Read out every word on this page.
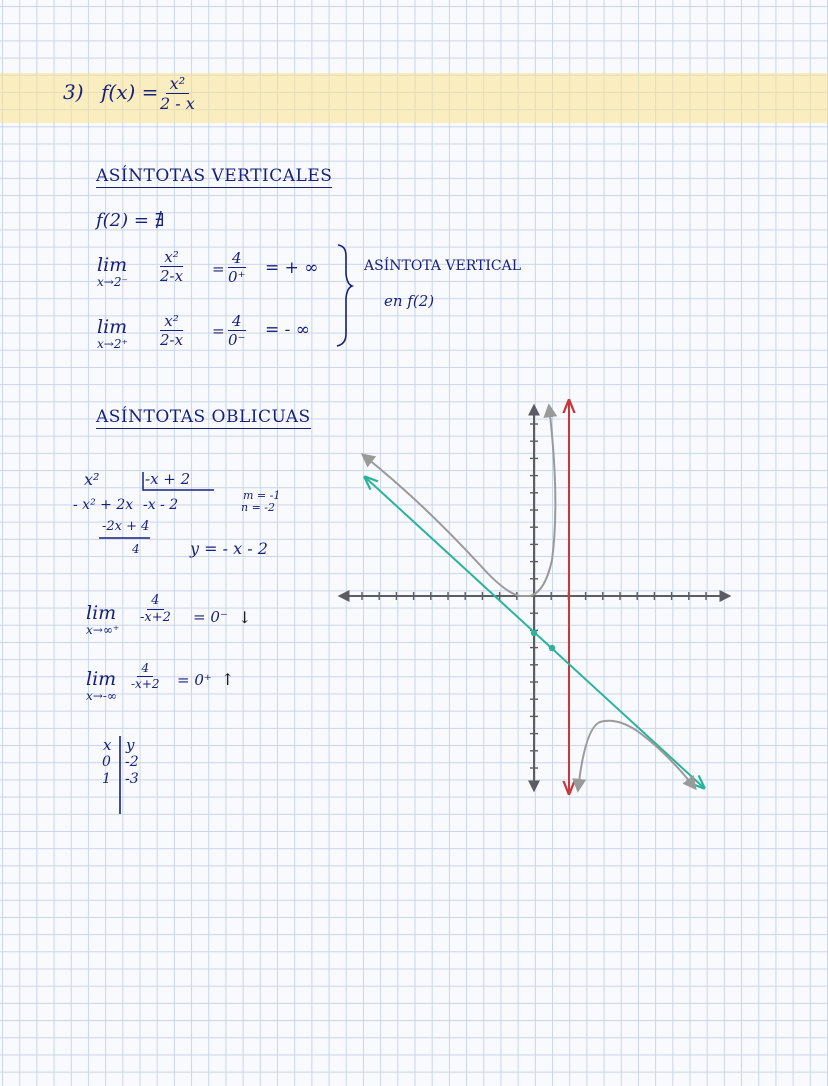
3) $f(x) = \frac{\text{x²}}{2 - x}$
ASÍNTOTAS VERTICALES
f(2) = ∄
lim
$x\to 2^- \frac{\text{x²}}{2-x} = \frac{4}{0^+}$ = + ∞
lim
$x\to 2^+ \frac{\text{x²}}{2-x} = \frac{4}{0^-}$ = - ∞
ASÍNTOTA VERTICAL
en f(2)
ASÍNTOTAS OBLICUAS
x²	-x + 2
- x² + 2x -x - 2
m = -1
n = -2
-2x + 4
4	y = - x - 2
lim
x→∞⁺
$\frac{4}{-x+2} = 0^-$ ↓
lim
x→-∞
$\frac{4}{-x+2} = 0^+$ ↑
x y
0 -2
1 -3
